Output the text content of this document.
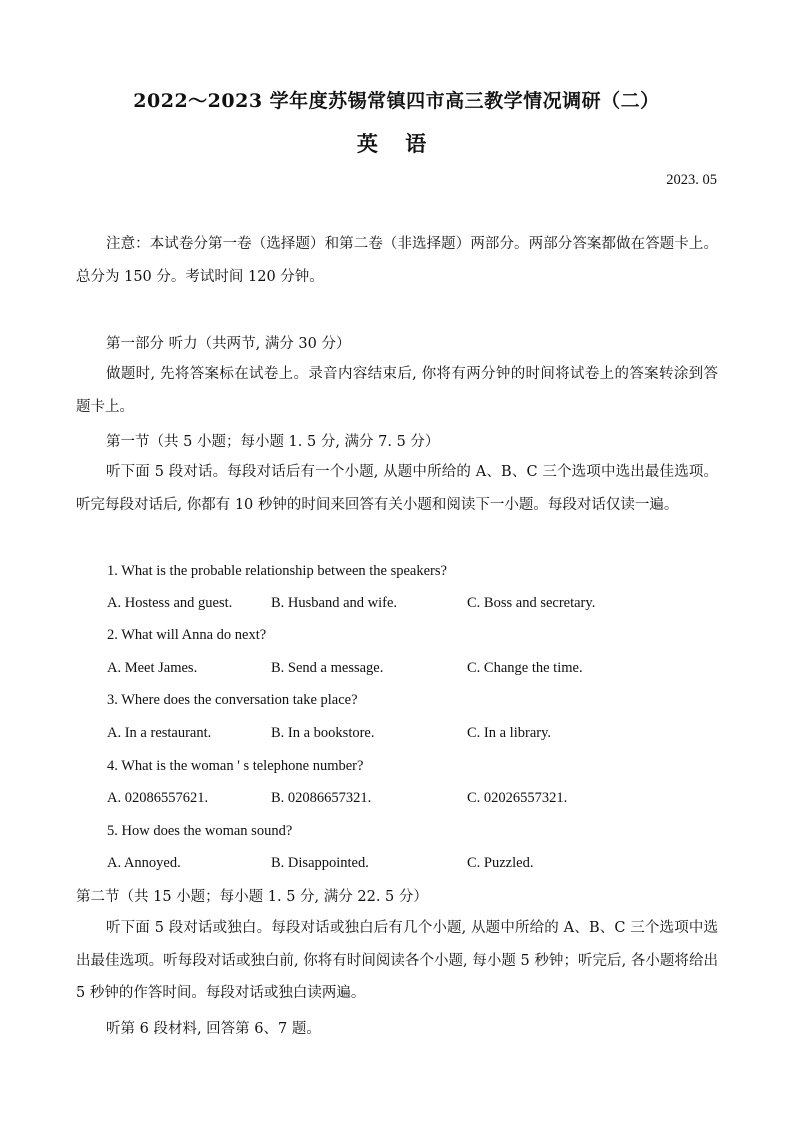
2022～2023 学年度苏锡常镇四市高三教学情况调研（二）
英 语
2023. 05
注意：本试卷分第一卷（选择题）和第二卷（非选择题）两部分。两部分答案都做在答题卡上。总分为 150 分。考试时间 120 分钟。
第一部分 听力（共两节, 满分 30 分）
做题时, 先将答案标在试卷上。录音内容结束后, 你将有两分钟的时间将试卷上的答案转涂到答题卡上。
第一节（共 5 小题；每小题 1. 5 分, 满分 7. 5 分）
听下面 5 段对话。每段对话后有一个小题, 从题中所给的 A、B、C 三个选项中选出最佳选项。听完每段对话后, 你都有 10 秒钟的时间来回答有关小题和阅读下一小题。每段对话仅读一遍。
1. What is the probable relationship between the speakers?
A. Hostess and guest.	B. Husband and wife.	C. Boss and secretary.
2. What will Anna do next?
A. Meet James.	B. Send a message.	C. Change the time.
3. Where does the conversation take place?
A. In a restaurant.	B. In a bookstore.	C. In a library.
4. What is the woman ' s telephone number?
A. 02086557621.	B. 02086657321.	C. 02026557321.
5. How does the woman sound?
A. Annoyed.	B. Disappointed.	C. Puzzled.
第二节（共 15 小题；每小题 1. 5 分, 满分 22. 5 分）
听下面 5 段对话或独白。每段对话或独白后有几个小题, 从题中所给的 A、B、C 三个选项中选出最佳选项。听每段对话或独白前, 你将有时间阅读各个小题, 每小题 5 秒钟；听完后, 各小题将给出 5 秒钟的作答时间。每段对话或独白读两遍。
听第 6 段材料, 回答第 6、7 题。
